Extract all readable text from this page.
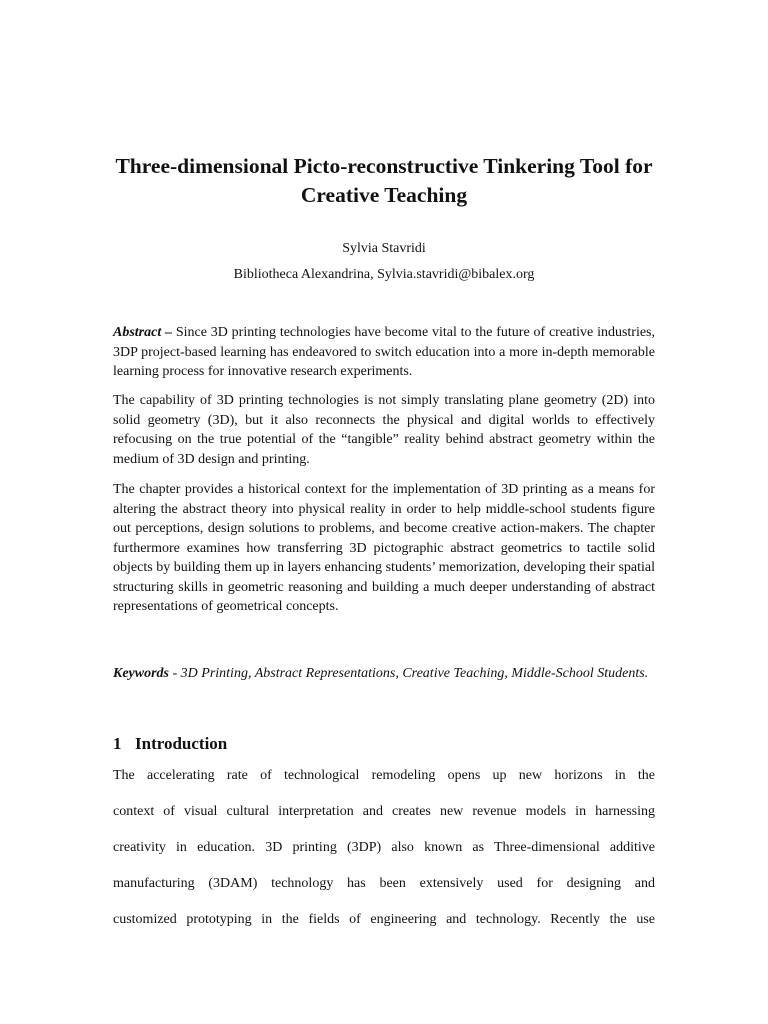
Three-dimensional Picto-reconstructive Tinkering Tool for Creative Teaching

Sylvia Stavridi

Bibliotheca Alexandrina, Sylvia.stavridi@bibalex.org

Abstract – Since 3D printing technologies have become vital to the future of creative industries, 3DP project-based learning has endeavored to switch education into a more in-depth memorable learning process for innovative research experiments.

The capability of 3D printing technologies is not simply translating plane geometry (2D) into solid geometry (3D), but it also reconnects the physical and digital worlds to effectively refocusing on the true potential of the “tangible” reality behind abstract geometry within the medium of 3D design and printing.

The chapter provides a historical context for the implementation of 3D printing as a means for altering the abstract theory into physical reality in order to help middle-school students figure out perceptions, design solutions to problems, and become creative action-makers. The chapter furthermore examines how transferring 3D pictographic abstract geometrics to tactile solid objects by building them up in layers enhancing students’ memorization, developing their spatial structuring skills in geometric reasoning and building a much deeper understanding of abstract representations of geometrical concepts.

Keywords - 3D Printing, Abstract Representations, Creative Teaching, Middle-School Students.

1 Introduction

The accelerating rate of technological remodeling opens up new horizons in the

context of visual cultural interpretation and creates new revenue models in harnessing

creativity in education. 3D printing (3DP) also known as Three-dimensional additive

manufacturing (3DAM) technology has been extensively used for designing and

customized prototyping in the fields of engineering and technology. Recently the use
